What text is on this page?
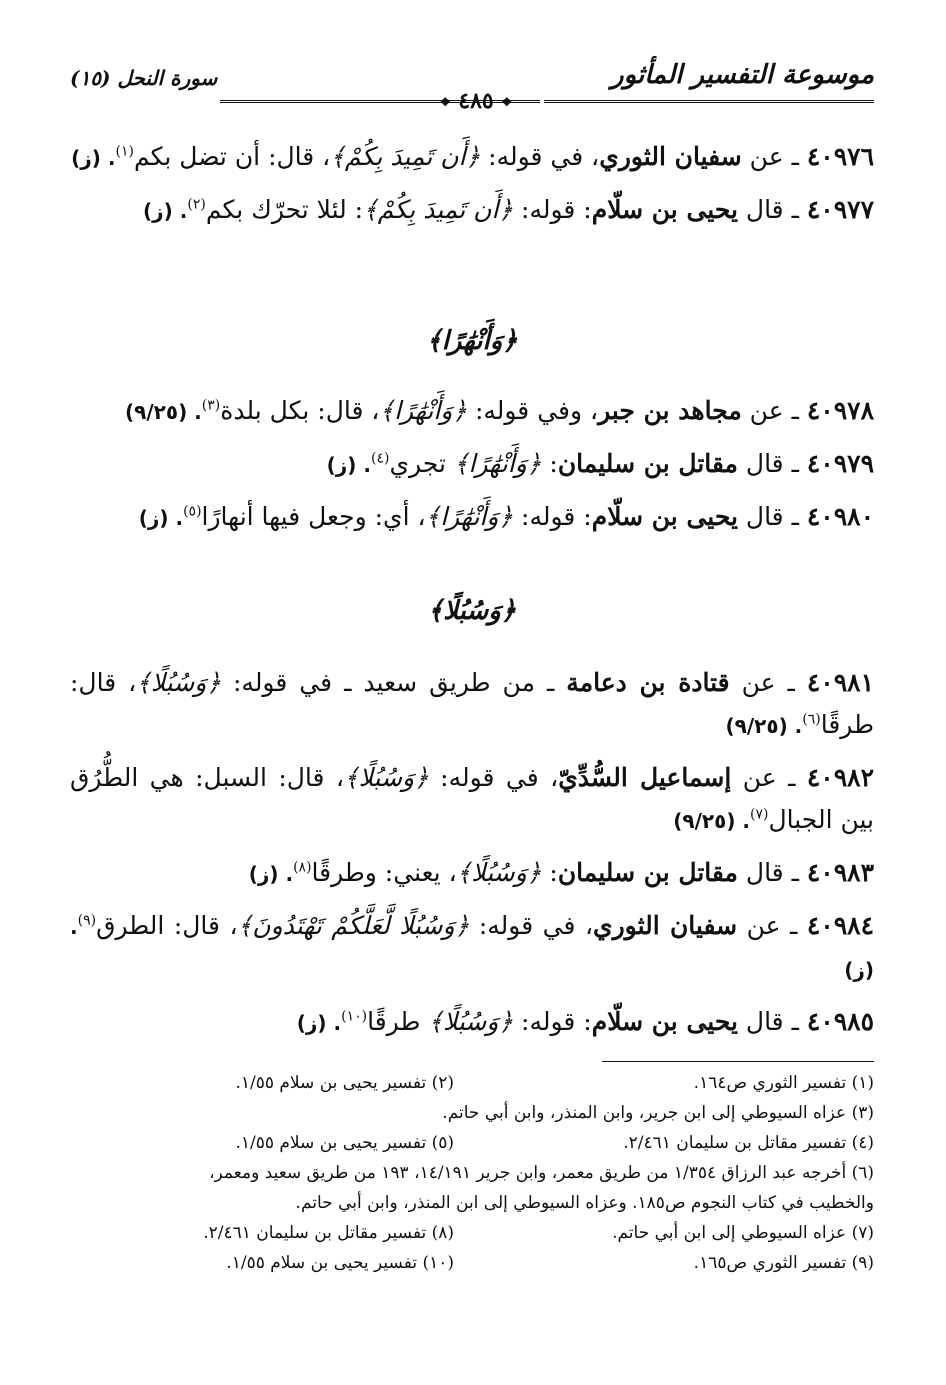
موسوعة التفسير المأثور
سورة النحل (١٥)
❖ ٤٨٥ ❖

٤٠٩٧٦ ـ عن سفيان الثوري، في قوله: ﴿أَن تَمِيدَ بِكُمْ﴾، قال: أن تضل بكم$^{(١)}$. (ز)

٤٠٩٧٧ ـ قال يحيى بن سلّام: قوله: ﴿أَن تَمِيدَ بِكُمْ﴾: لئلا تحرّك بكم$^{(٢)}$. (ز)

﴿وَأَنْهَٰرًا﴾

٤٠٩٧٨ ـ عن مجاهد بن جبر، وفي قوله: ﴿وَأَنْهَٰرًا﴾، قال: بكل بلدة$^{(٣)}$. (٩/٢٥)

٤٠٩٧٩ ـ قال مقاتل بن سليمان: ﴿وَأَنْهَٰرًا﴾ تجري$^{(٤)}$. (ز)

٤٠٩٨٠ ـ قال يحيى بن سلّام: قوله: ﴿وَأَنْهَٰرًا﴾، أي: وجعل فيها أنهارًا$^{(٥)}$. (ز)

﴿وَسُبُلًا﴾

٤٠٩٨١ ـ عن قتادة بن دعامة ـ من طريق سعيد ـ في قوله: ﴿وَسُبُلًا﴾، قال: طرقًا$^{(٦)}$. (٩/٢٥)

٤٠٩٨٢ ـ عن إسماعيل السُّدِّيّ، في قوله: ﴿وَسُبُلًا﴾، قال: السبل: هي الطُّرُق بين الجبال$^{(٧)}$. (٩/٢٥)

٤٠٩٨٣ ـ قال مقاتل بن سليمان: ﴿وَسُبُلًا﴾، يعني: وطرقًا$^{(٨)}$. (ز)

٤٠٩٨٤ ـ عن سفيان الثوري، في قوله: ﴿وَسُبُلًا لَّعَلَّكُمْ تَهْتَدُونَ﴾، قال: الطرق$^{(٩)}$. (ز)

٤٠٩٨٥ ـ قال يحيى بن سلّام: قوله: ﴿وَسُبُلًا﴾ طرقًا$^{(١٠)}$. (ز)

(١) تفسير الثوري ص١٦٤.
(٢) تفسير يحيى بن سلام ١/٥٥.
(٣) عزاه السيوطي إلى ابن جرير، وابن المنذر، وابن أبي حاتم.
(٤) تفسير مقاتل بن سليمان ٢/٤٦١.
(٥) تفسير يحيى بن سلام ١/٥٥.
(٦) أخرجه عبد الرزاق ١/٣٥٤ من طريق معمر، وابن جرير ١٤/١٩١، ١٩٣ من طريق سعيد ومعمر،
والخطيب في كتاب النجوم ص١٨٥. وعزاه السيوطي إلى ابن المنذر، وابن أبي حاتم.
(٧) عزاه السيوطي إلى ابن أبي حاتم.
(٨) تفسير مقاتل بن سليمان ٢/٤٦١.
(٩) تفسير الثوري ص١٦٥.
(١٠) تفسير يحيى بن سلام ١/٥٥.
